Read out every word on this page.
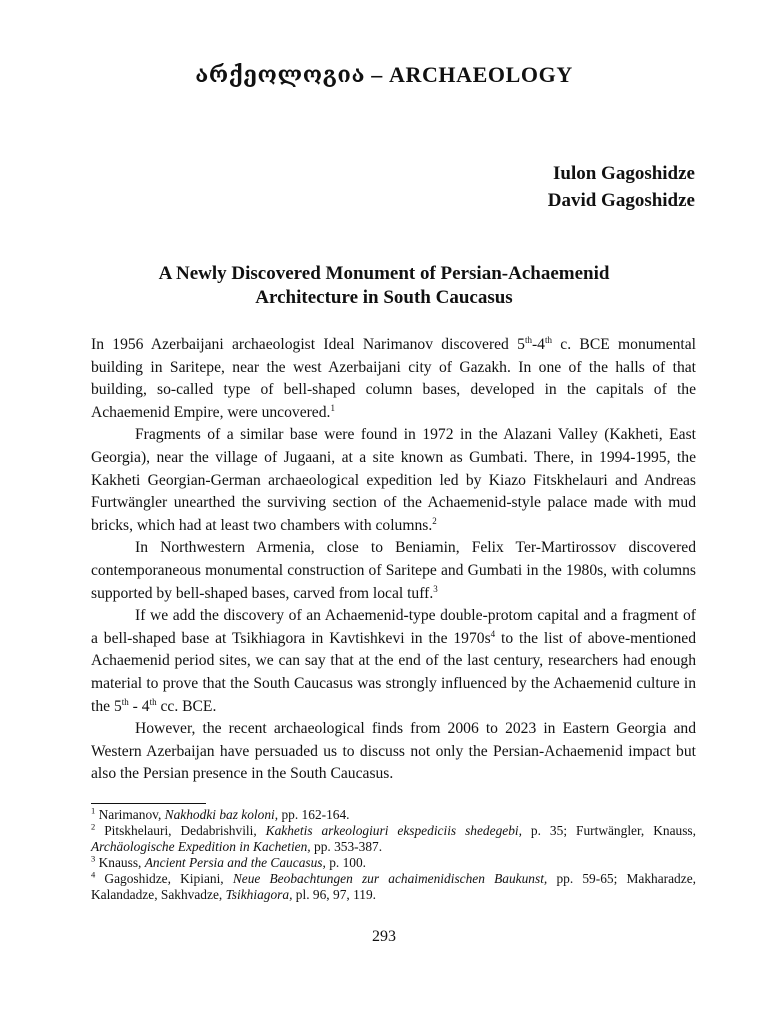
არქეოლოგია – ARCHAEOLOGY
Iulon Gagoshidze
David Gagoshidze
A Newly Discovered Monument of Persian-Achaemenid
Architecture in South Caucasus

In 1956 Azerbaijani archaeologist Ideal Narimanov discovered 5th-4th c. BCE monumental building in Saritepe, near the west Azerbaijani city of Gazakh. In one of the halls of that building, so-called type of bell-shaped column bases, developed in the capitals of the Achaemenid Empire, were uncovered.$^1$

Fragments of a similar base were found in 1972 in the Alazani Valley (Kakheti, East Georgia), near the village of Jugaani, at a site known as Gumbati. There, in 1994-1995, the Kakheti Georgian-German archaeological expedition led by Kiazo Fitskhelauri and Andreas Furtwängler unearthed the surviving section of the Achaemenid-style palace made with mud bricks, which had at least two chambers with columns.$^2$

In Northwestern Armenia, close to Beniamin, Felix Ter-Martirossov discovered contemporaneous monumental construction of Saritepe and Gumbati in the 1980s, with columns supported by bell-shaped bases, carved from local tuff.$^3$

If we add the discovery of an Achaemenid-type double-protom capital and a fragment of a bell-shaped base at Tsikhiagora in Kavtishkevi in the $1970s^4$ to the list of above-mentioned Achaemenid period sites, we can say that at the end of the last century, researchers had enough material to prove that the South Caucasus was strongly influenced by the Achaemenid culture in the 5th - 4th cc. BCE.

However, the recent archaeological finds from 2006 to 2023 in Eastern Georgia and Western Azerbaijan have persuaded us to discuss not only the Persian-Achaemenid impact but also the Persian presence in the South Caucasus.

$^1$ Narimanov, Nakhodki baz koloni, pp. 162-164.

$^2$ Pitskhelauri, Dedabrishvili, Kakhetis arkeologiuri ekspediciis shedegebi, p. 35; Furtwängler, Knauss, Archäologische Expedition in Kachetien, pp. 353-387.

$^3$ Knauss, Ancient Persia and the Caucasus, p. 100.

$^4$ Gagoshidze, Kipiani, Neue Beobachtungen zur achaimenidischen Baukunst, pp. 59-65; Makharadze, Kalandadze, Sakhvadze, Tsikhiagora, pl. 96, 97, 119.

293
